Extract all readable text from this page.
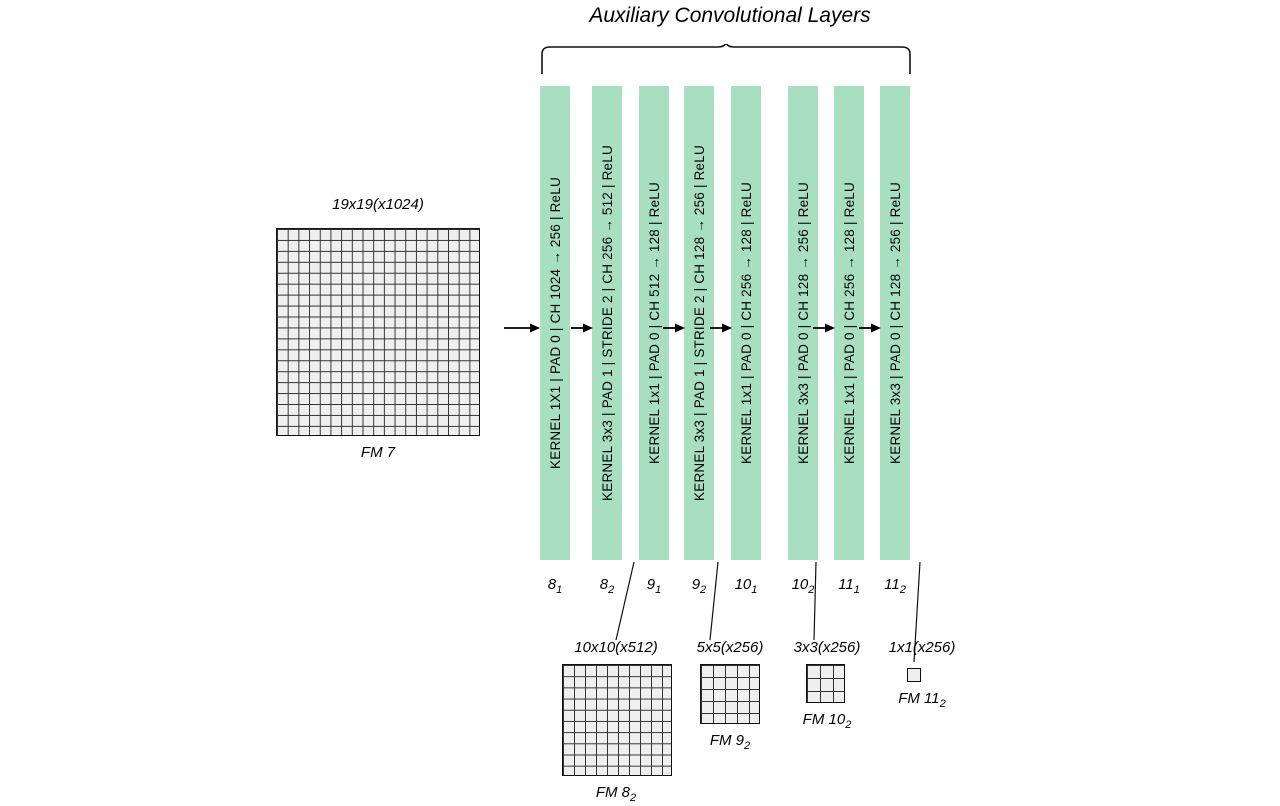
Auxiliary Convolutional Layers
19x19(x1024)
FM 7	KERNEL 1X1 | PAD 0 | CH 1024 → 256 | ReLU	KERNEL 3x3 | PAD 1 | STRIDE 2 | CH 256 → 512 | ReLU	KERNEL 1x1 | PAD 0 | CH 512 → 128 | ReLU	KERNEL 3x3 | PAD 1 | STRIDE 2 | CH 128 → 256 | ReLU	KERNEL 1x1 | PAD 0 | CH 256 → 128 | ReLU	KERNEL 3x3 | PAD 0 | CH 128 → 256 | ReLU	KERNEL 1x1 | PAD 0 | CH 256 → 128 | ReLU	KERNEL 3x3 | PAD 0 | CH 128 → 256 | ReLU
$8_1$	$8_2$	$9_1$	$9_2$	$10_1$	$10_2$	$11_1$	$11_2$
10x10(x512)
FM $8_2$
5x5(x256)
FM $9_2$
3x3(x256)
FM $10_2$
1x1(x256)
FM $11_2$
